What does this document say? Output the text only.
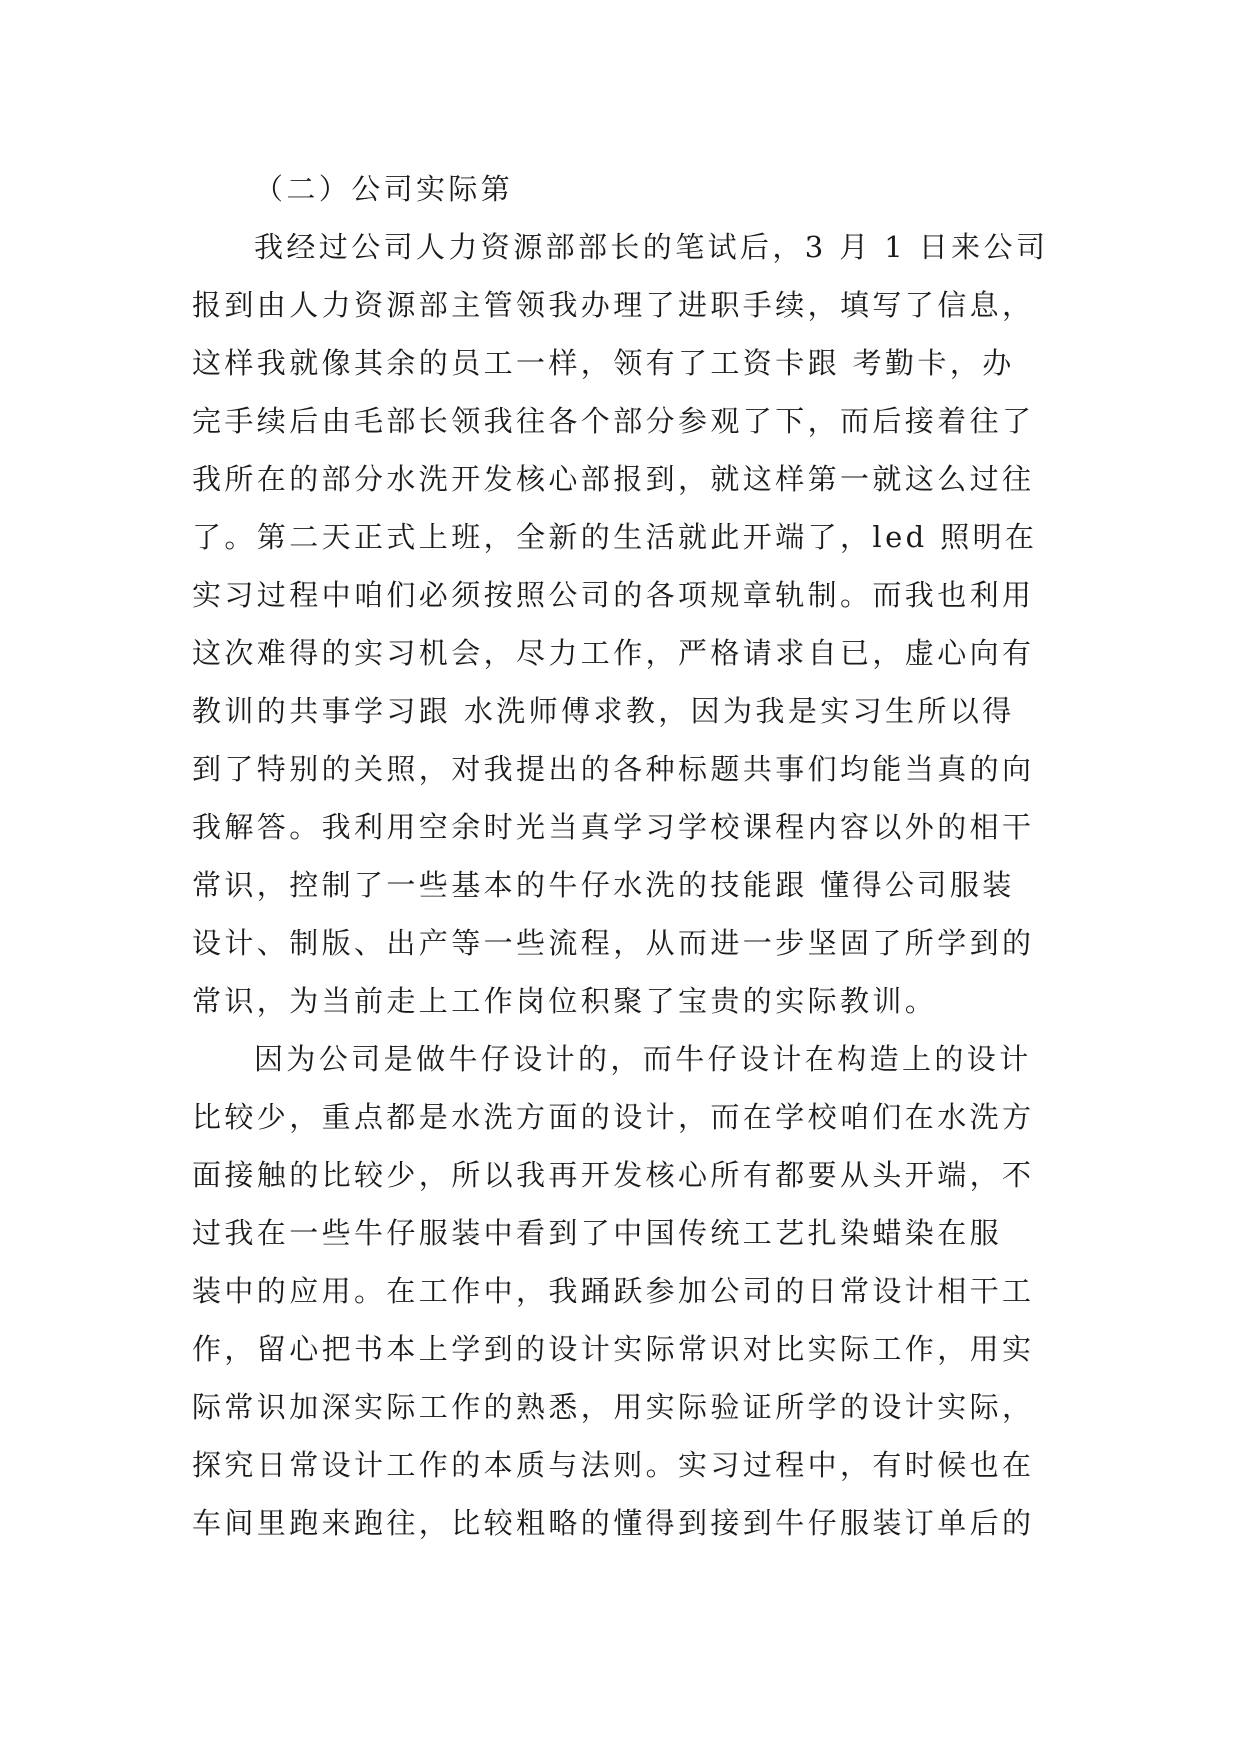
（二）公司实际第
我经过公司人力资源部部长的笔试后，3 月 1 日来公司
报到由人力资源部主管领我办理了进职手续，填写了信息，
这样我就像其余的员工一样，领有了工资卡跟 考勤卡，办
完手续后由毛部长领我往各个部分参观了下，而后接着往了
我所在的部分水洗开发核心部报到，就这样第一就这么过往
了。第二天正式上班，全新的生活就此开端了，led 照明在
实习过程中咱们必须按照公司的各项规章轨制。而我也利用
这次难得的实习机会，尽力工作，严格请求自已，虚心向有
教训的共事学习跟 水洗师傅求教，因为我是实习生所以得
到了特别的关照，对我提出的各种标题共事们均能当真的向
我解答。我利用空余时光当真学习学校课程内容以外的相干
常识，控制了一些基本的牛仔水洗的技能跟 懂得公司服装
设计、制版、出产等一些流程，从而进一步坚固了所学到的
常识，为当前走上工作岗位积聚了宝贵的实际教训。
因为公司是做牛仔设计的，而牛仔设计在构造上的设计
比较少，重点都是水洗方面的设计，而在学校咱们在水洗方
面接触的比较少，所以我再开发核心所有都要从头开端，不
过我在一些牛仔服装中看到了中国传统工艺扎染蜡染在服
装中的应用。在工作中，我踊跃参加公司的日常设计相干工
作，留心把书本上学到的设计实际常识对比实际工作，用实
际常识加深实际工作的熟悉，用实际验证所学的设计实际，
探究日常设计工作的本质与法则。实习过程中，有时候也在
车间里跑来跑往，比较粗略的懂得到接到牛仔服装订单后的
